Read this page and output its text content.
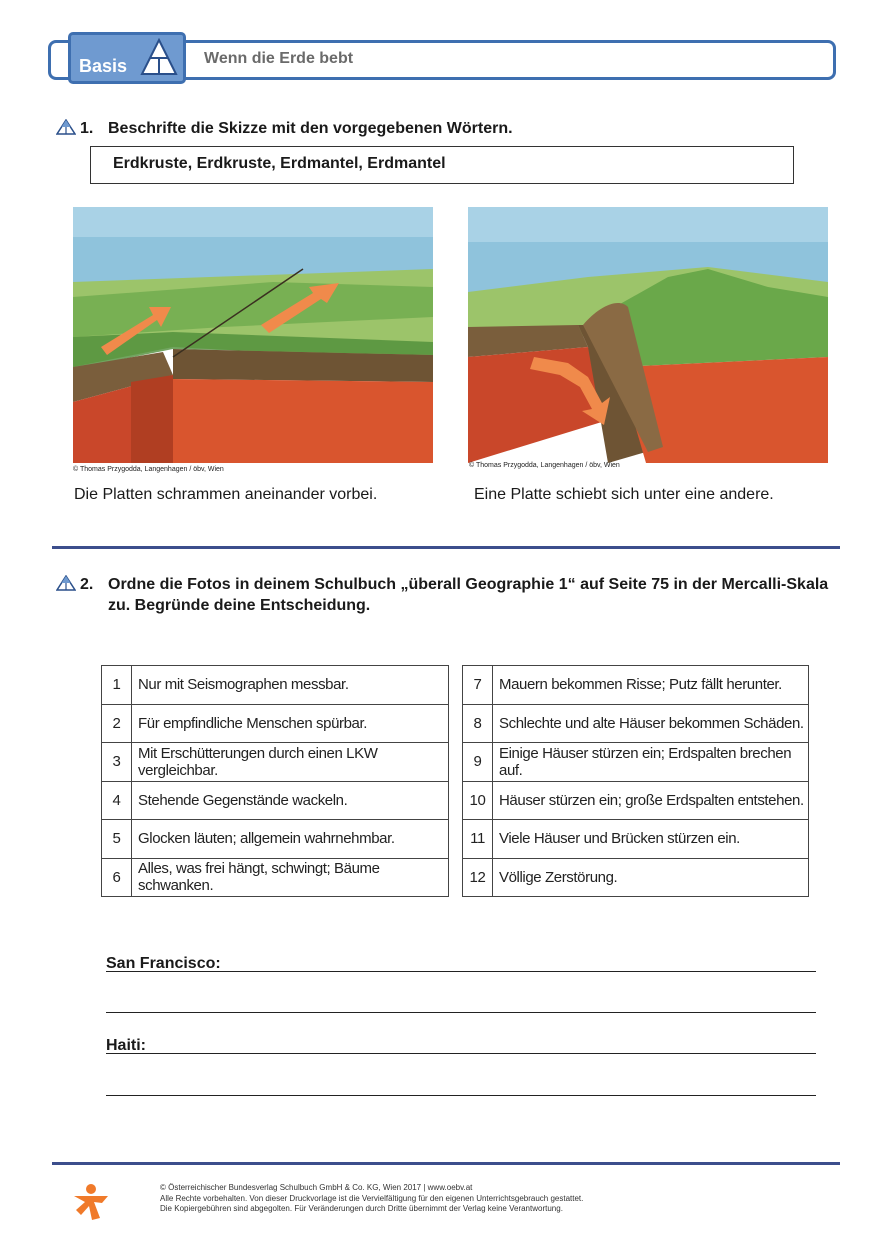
Basis	Wenn die Erde bebt
1. Beschrifte die Skizze mit den vorgegebenen Wörtern.
Erdkruste, Erdkruste, Erdmantel, Erdmantel
© Thomas Przygodda, Langenhagen / öbv, Wien
Die Platten schrammen aneinander vorbei.
© Thomas Przygodda, Langenhagen / öbv, Wien
Eine Platte schiebt sich unter eine andere.
2. Ordne die Fotos in deinem Schulbuch „überall Geographie 1“ auf Seite 75 in der Mercalli-Skala zu. Begründe deine Entscheidung.
1	Nur mit Seismographen messbar.
2	Für empfindliche Menschen spürbar.
3	Mit Erschütterungen durch einen LKW vergleichbar.
4	Stehende Gegenstände wackeln.
5	Glocken läuten; allgemein wahrnehmbar.
6	Alles, was frei hängt, schwingt; Bäume schwanken.
7	Mauern bekommen Risse; Putz fällt herunter.
8	Schlechte und alte Häuser bekommen Schäden.
9	Einige Häuser stürzen ein; Erdspalten brechen auf.
10	Häuser stürzen ein; große Erdspalten entstehen.
11	Viele Häuser und Brücken stürzen ein.
12	Völlige Zerstörung.
San Francisco:
Haiti:
© Österreichischer Bundesverlag Schulbuch GmbH & Co. KG, Wien 2017 | www.oebv.at
Alle Rechte vorbehalten. Von dieser Druckvorlage ist die Vervielfältigung für den eigenen Unterrichtsgebrauch gestattet.
Die Kopiergebühren sind abgegolten. Für Veränderungen durch Dritte übernimmt der Verlag keine Verantwortung.
